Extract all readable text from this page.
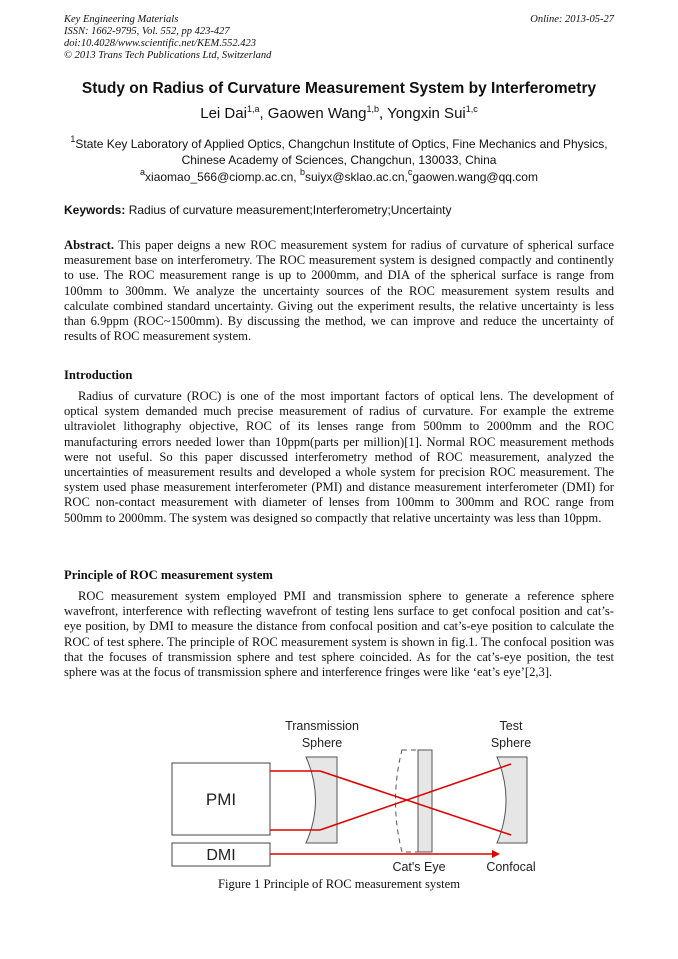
Key Engineering Materials
ISSN: 1662-9795, Vol. 552, pp 423-427
doi:10.4028/www.scientific.net/KEM.552.423
© 2013 Trans Tech Publications Ltd, Switzerland
Online: 2013-05-27
Study on Radius of Curvature Measurement System by Interferometry
Lei Dai$^{1,a}$, Gaowen Wang$^{1,b}$, Yongxin Sui$^{1,c}$
$^1$State Key Laboratory of Applied Optics, Changchun Institute of Optics, Fine Mechanics and Physics, Chinese Academy of Sciences, Changchun, 130033, China
$^a$xiaomao_566@ciomp.ac.cn, $^b$suiyx@sklao.ac.cn,$^c$gaowen.wang@qq.com
Keywords: Radius of curvature measurement;Interferometry;Uncertainty
Abstract. This paper deigns a new ROC measurement system for radius of curvature of spherical surface measurement base on interferometry. The ROC measurement system is designed compactly and continently to use. The ROC measurement range is up to 2000mm, and DIA of the spherical surface is range from 100mm to 300mm. We analyze the uncertainty sources of the ROC measurement system results and calculate combined standard uncertainty. Giving out the experiment results, the relative uncertainty is less than 6.9ppm (ROC~1500mm). By discussing the method, we can improve and reduce the uncertainty of results of ROC measurement system.
Introduction
Radius of curvature (ROC) is one of the most important factors of optical lens. The development of optical system demanded much precise measurement of radius of curvature. For example the extreme ultraviolet lithography objective, ROC of its lenses range from 500mm to 2000mm and the ROC manufacturing errors needed lower than 10ppm(parts per million)[1]. Normal ROC measurement methods were not useful. So this paper discussed interferometry method of ROC measurement, analyzed the uncertainties of measurement results and developed a whole system for precision ROC measurement. The system used phase measurement interferometer (PMI) and distance measurement interferometer (DMI) for ROC non-contact measurement with diameter of lenses from 100mm to 300mm and ROC range from 500mm to 2000mm. The system was designed so compactly that relative uncertainty was less than 10ppm.
Principle of ROC measurement system
ROC measurement system employed PMI and transmission sphere to generate a reference sphere wavefront, interference with reflecting wavefront of testing lens surface to get confocal position and cat’s-eye position, by DMI to measure the distance from confocal position and cat’s-eye position to calculate the ROC of test sphere. The principle of ROC measurement system is shown in fig.1. The confocal position was that the focuses of transmission sphere and test sphere coincided. As for the cat’s-eye position, the test sphere was at the focus of transmission sphere and interference fringes were like ‘eat’s eye’[2,3].
Transmission
Sphere
Test
Sphere
PMI
DMI
Cat's Eye	Confocal
Figure 1 Principle of ROC measurement system
